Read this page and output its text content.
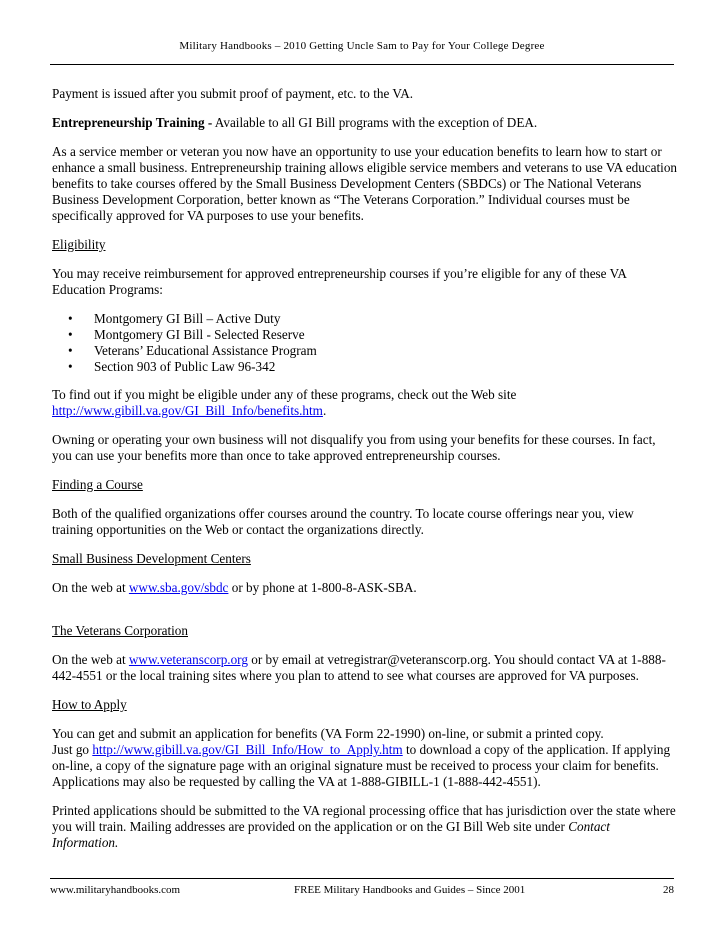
Military Handbooks – 2010 Getting Uncle Sam to Pay for Your College Degree

Payment is issued after you submit proof of payment, etc. to the VA.

Entrepreneurship Training - Available to all GI Bill programs with the exception of DEA.

As a service member or veteran you now have an opportunity to use your education benefits to learn how to start or enhance a small business. Entrepreneurship training allows eligible service members and veterans to use VA education benefits to take courses offered by the Small Business Development Centers (SBDCs) or The National Veterans Business Development Corporation, better known as “The Veterans Corporation.” Individual courses must be specifically approved for VA purposes to use your benefits.

Eligibility

You may receive reimbursement for approved entrepreneurship courses if you’re eligible for any of these VA Education Programs:

• Montgomery GI Bill – Active Duty
• Montgomery GI Bill - Selected Reserve
• Veterans’ Educational Assistance Program
• Section 903 of Public Law 96-342

To find out if you might be eligible under any of these programs, check out the Web site
http://www.gibill.va.gov/GI_Bill_Info/benefits.htm.

Owning or operating your own business will not disqualify you from using your benefits for these courses. In fact, you can use your benefits more than once to take approved entrepreneurship courses.

Finding a Course

Both of the qualified organizations offer courses around the country. To locate course offerings near you, view training opportunities on the Web or contact the organizations directly.

Small Business Development Centers

On the web at www.sba.gov/sbdc or by phone at 1-800-8-ASK-SBA.

The Veterans Corporation

On the web at www.veteranscorp.org or by email at vetregistrar@veteranscorp.org. You should contact VA at 1-888-442-4551 or the local training sites where you plan to attend to see what courses are approved for VA purposes.

How to Apply

You can get and submit an application for benefits (VA Form 22-1990) on-line, or submit a printed copy.
Just go http://www.gibill.va.gov/GI_Bill_Info/How_to_Apply.htm to download a copy of the application. If applying on-line, a copy of the signature page with an original signature must be received to process your claim for benefits. Applications may also be requested by calling the VA at 1-888-GIBILL-1 (1-888-442-4551).

Printed applications should be submitted to the VA regional processing office that has jurisdiction over the state where you will train. Mailing addresses are provided on the application or on the GI Bill Web site under Contact Information.

www.militaryhandbooks.com	FREE Military Handbooks and Guides – Since 2001	28
